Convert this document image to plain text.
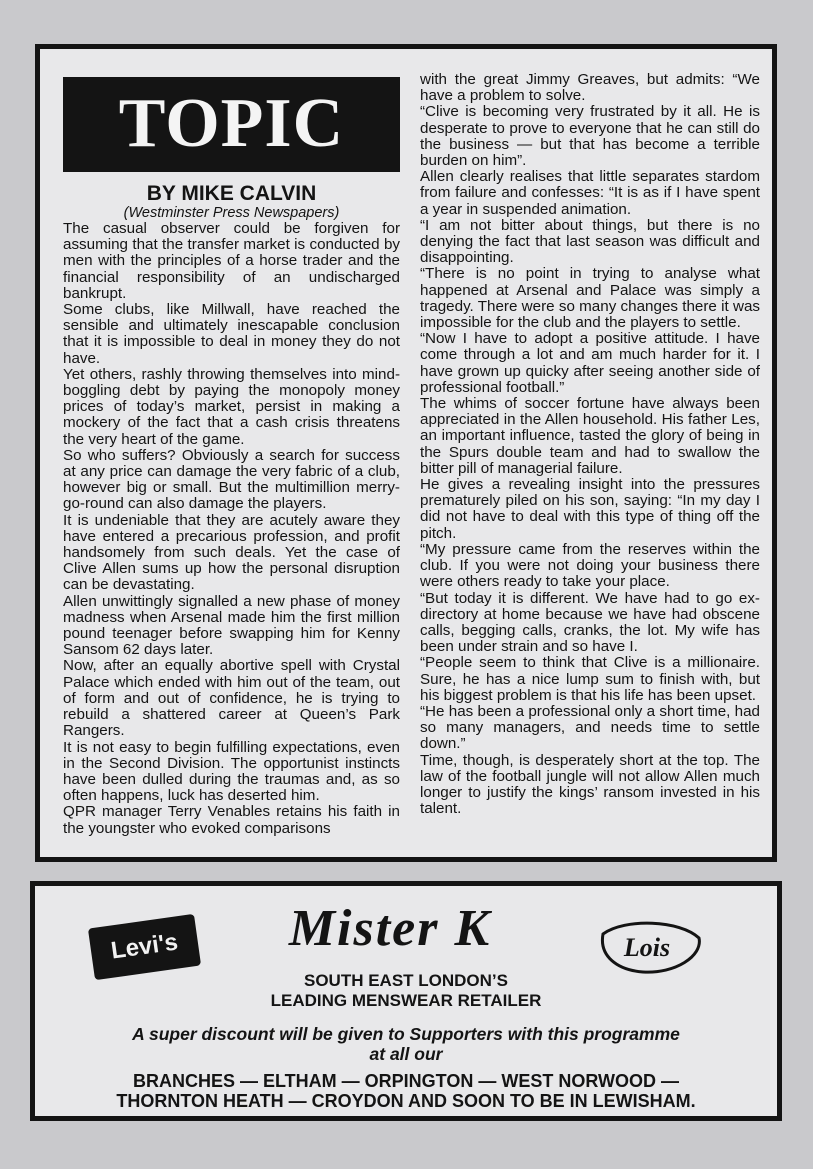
TOPIC
BY MIKE CALVIN
(Westminster Press Newspapers)

The casual observer could be forgiven for assuming that the transfer market is conducted by men with the principles of a horse trader and the financial responsibility of an undischarged bankrupt.

Some clubs, like Millwall, have reached the sensible and ultimately inescapable conclusion that it is impossible to deal in money they do not have.

Yet others, rashly throwing themselves into mind-boggling debt by paying the monopoly money prices of today’s market, persist in making a mockery of the fact that a cash crisis threatens the very heart of the game.

So who suffers? Obviously a search for success at any price can damage the very fabric of a club, however big or small. But the multimillion merry-go-round can also damage the players.

It is undeniable that they are acutely aware they have entered a precarious profession, and profit handsomely from such deals. Yet the case of Clive Allen sums up how the personal disruption can be devastating.

Allen unwittingly signalled a new phase of money madness when Arsenal made him the first million pound teenager before swapping him for Kenny Sansom 62 days later.

Now, after an equally abortive spell with Crystal Palace which ended with him out of the team, out of form and out of confidence, he is trying to rebuild a shattered career at Queen’s Park Rangers.

It is not easy to begin fulfilling expectations, even in the Second Division. The opportunist instincts have been dulled during the traumas and, as so often happens, luck has deserted him.

QPR manager Terry Venables retains his faith in the youngster who evoked comparisons

with the great Jimmy Greaves, but admits: “We have a problem to solve.

“Clive is becoming very frustrated by it all. He is desperate to prove to everyone that he can still do the business — but that has become a terrible burden on him”.

Allen clearly realises that little separates stardom from failure and confesses: “It is as if I have spent a year in suspended animation.

“I am not bitter about things, but there is no denying the fact that last season was difficult and disappointing.

“There is no point in trying to analyse what happened at Arsenal and Palace was simply a tragedy. There were so many changes there it was impossible for the club and the players to settle.

“Now I have to adopt a positive attitude. I have come through a lot and am much harder for it. I have grown up quicky after seeing another side of professional football.”

The whims of soccer fortune have always been appreciated in the Allen household. His father Les, an important influence, tasted the glory of being in the Spurs double team and had to swallow the bitter pill of managerial failure.

He gives a revealing insight into the pressures prematurely piled on his son, saying: “In my day I did not have to deal with this type of thing off the pitch.

“My pressure came from the reserves within the club. If you were not doing your business there were others ready to take your place.

“But today it is different. We have had to go ex-directory at home because we have had obscene calls, begging calls, cranks, the lot. My wife has been under strain and so have I.

“People seem to think that Clive is a millionaire. Sure, he has a nice lump sum to finish with, but his biggest problem is that his life has been upset.

“He has been a professional only a short time, had so many managers, and needs time to settle down.”

Time, though, is desperately short at the top. The law of the football jungle will not allow Allen much longer to justify the kings’ ransom invested in his talent.

Levi's	Mister K	Lois
SOUTH EAST LONDON’S
LEADING MENSWEAR RETAILER
A super discount will be given to Supporters with this programme
at all our
BRANCHES — ELTHAM — ORPINGTON — WEST NORWOOD —
THORNTON HEATH — CROYDON AND SOON TO BE IN LEWISHAM.
